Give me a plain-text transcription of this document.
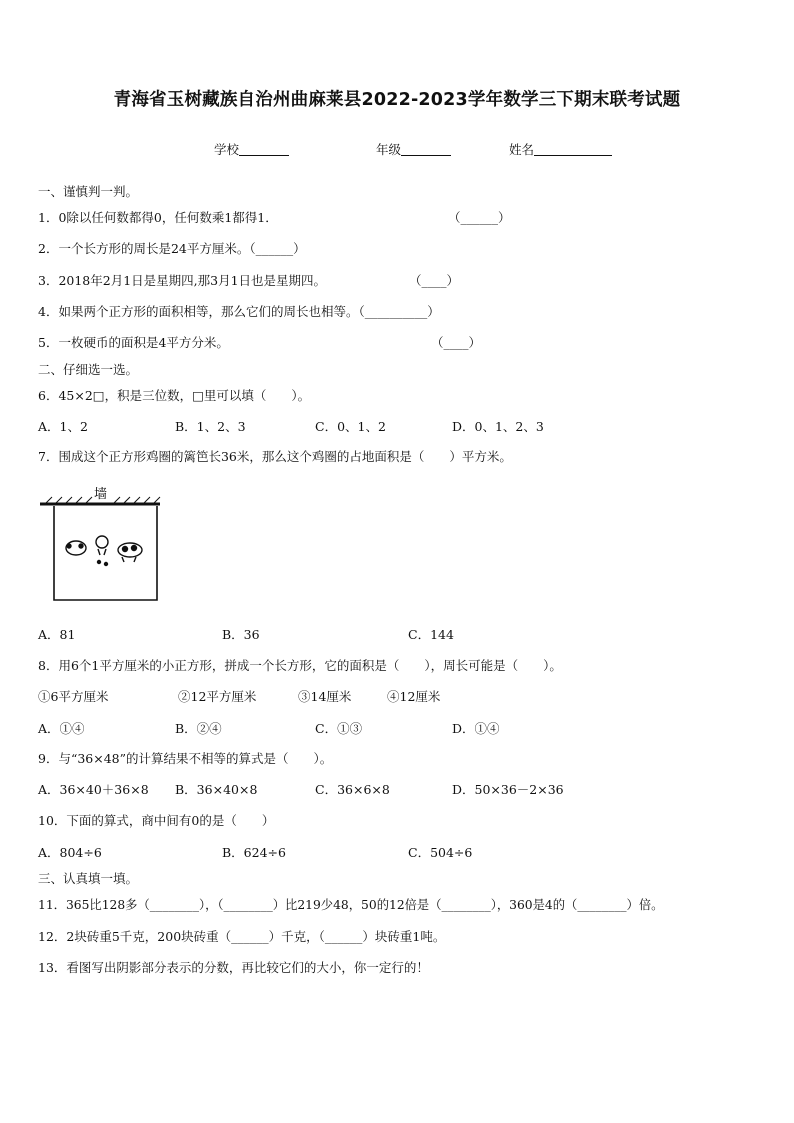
青海省玉树藏族自治州曲麻莱县2022-2023学年数学三下期末联考试题
学校	年级	姓名
一、谨慎判一判。
1．0除以任何数都得0，任何数乘1都得1．	（______）
2．一个长方形的周长是24平方厘米。（______）
3．2018年2月1日是星期四,那3月1日也是星期四。	（____）
4．如果两个正方形的面积相等，那么它们的周长也相等。（__________）
5．一枚硬币的面积是4平方分米。	（____）
二、仔细选一选。
6．45×2□，积是三位数，□里可以填（　　）。
A．1、2	B．1、2、3	C．0、1、2	D．0、1、2、3
7．围成这个正方形鸡圈的篱笆长36米，那么这个鸡圈的占地面积是（　　）平方米。
墙
A．81	B．36	C．144
8．用6个1平方厘米的小正方形，拼成一个长方形，它的面积是（　　），周长可能是（　　）。
①6平方厘米	②12平方厘米	③14厘米	④12厘米
A．①④	B．②④	C．①③	D．①④
9．与“36×48”的计算结果不相等的算式是（　　）。
A．36×40＋36×8 B．36×40×8	C．36×6×8	D．50×36－2×36
10．下面的算式，商中间有0的是（　　）
A．804÷6	B．624÷6	C．504÷6
三、认真填一填。
11．365比128多（________），（________）比219少48，50的12倍是（________），360是4的（________）倍。
12．2块砖重5千克，200块砖重（______）千克，（______）块砖重1吨。
13．看图写出阴影部分表示的分数，再比较它们的大小，你一定行的！
